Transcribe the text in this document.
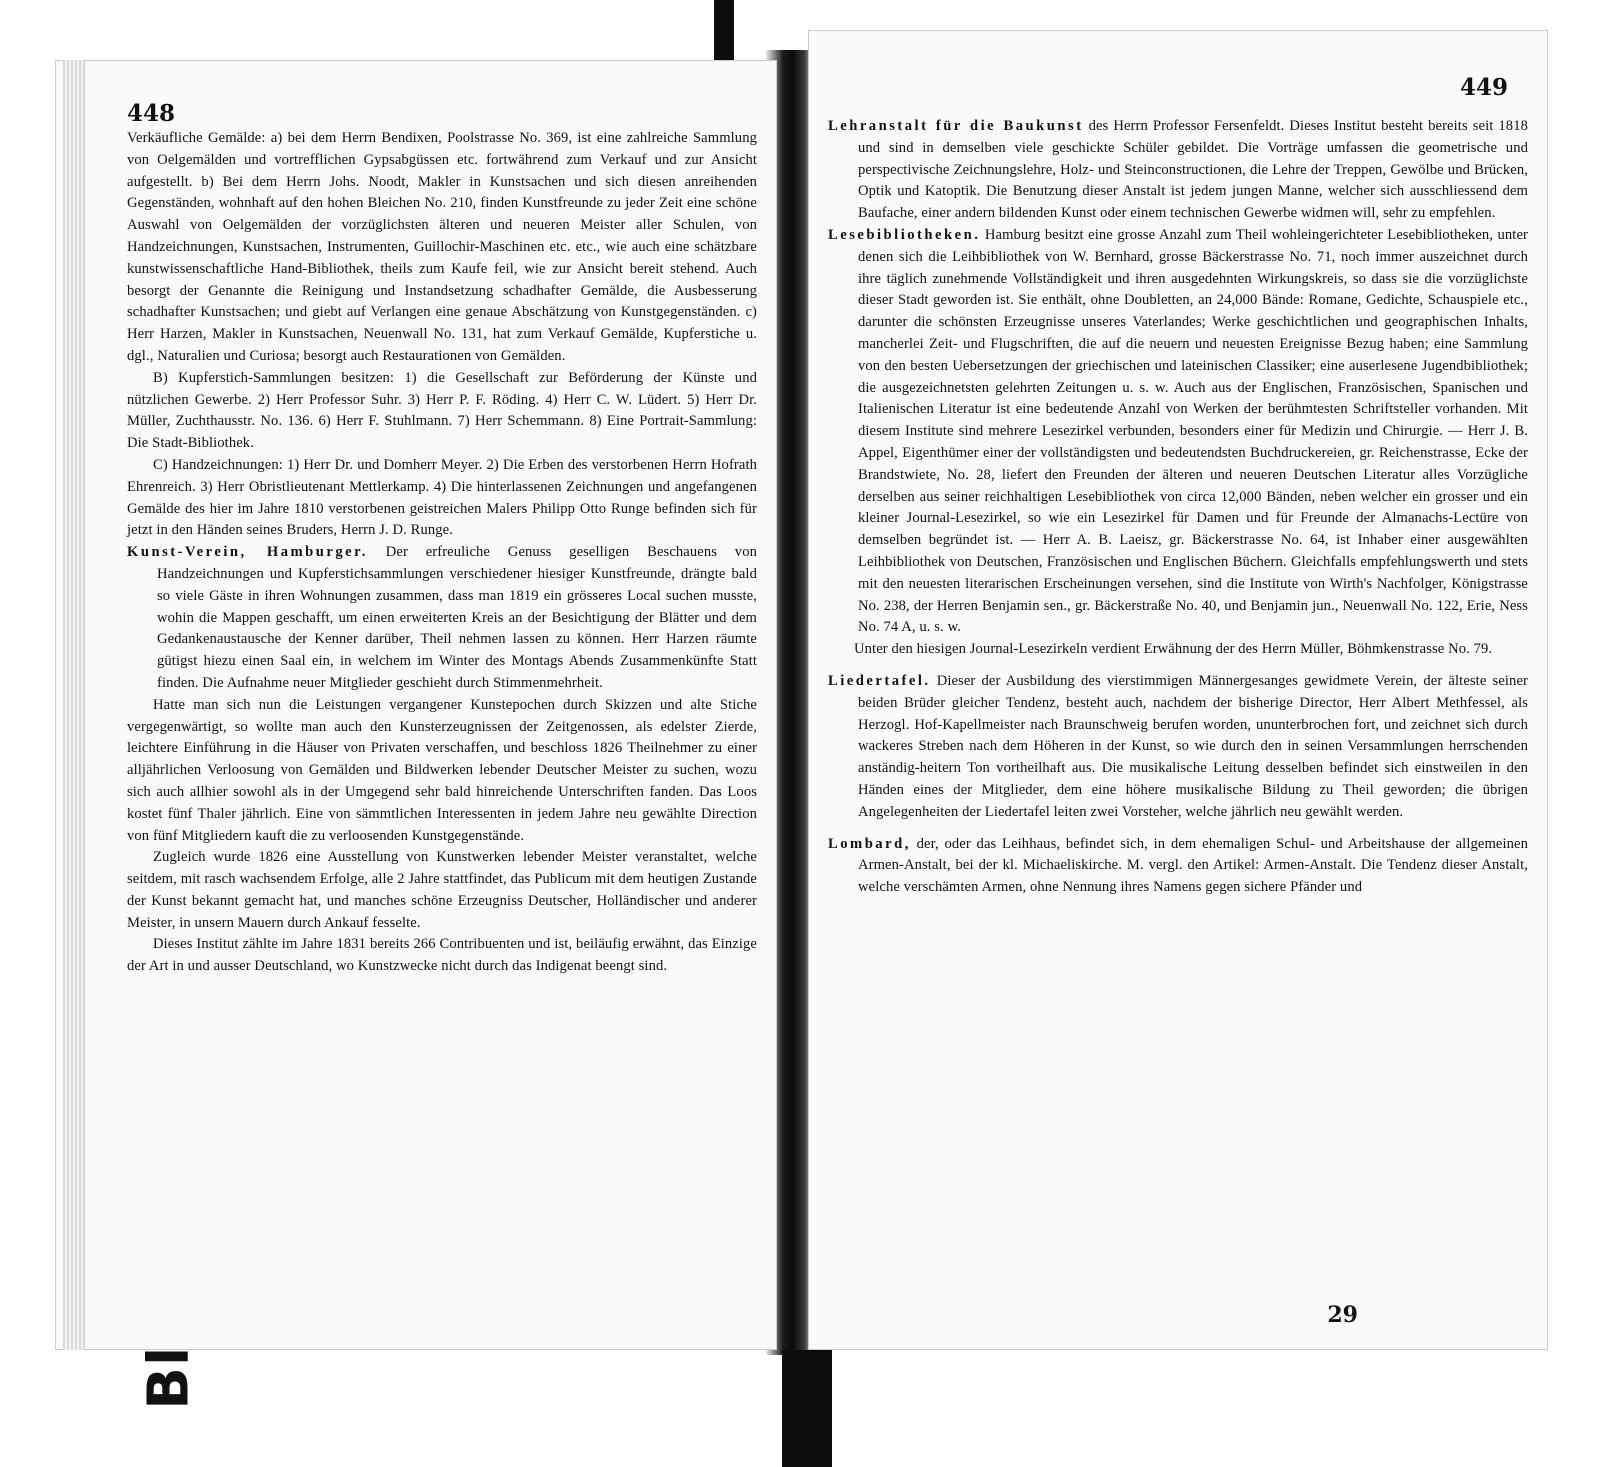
448

Verkäufliche Gemälde: a) bei dem Herrn Bendixen, Poolstrasse No. 369, ist eine zahlreiche Sammlung von Oelgemälden und vortrefflichen Gypsabgüssen etc. fortwährend zum Verkauf und zur Ansicht aufgestellt. b) Bei dem Herrn Johs. Noodt, Makler in Kunstsachen und sich diesen anreihenden Gegenständen, wohnhaft auf den hohen Bleichen No. 210, finden Kunstfreunde zu jeder Zeit eine schöne Auswahl von Oelgemälden der vorzüglichsten älteren und neueren Meister aller Schulen, von Handzeichnungen, Kunstsachen, Instrumenten, Guillochir-Maschinen etc. etc., wie auch eine schätzbare kunstwissenschaftliche Hand-Bibliothek, theils zum Kaufe feil, wie zur Ansicht bereit stehend. Auch besorgt der Genannte die Reinigung und Instandsetzung schadhafter Gemälde, die Ausbesserung schadhafter Kunstsachen; und giebt auf Verlangen eine genaue Abschätzung von Kunstgegenständen. c) Herr Harzen, Makler in Kunstsachen, Neuenwall No. 131, hat zum Verkauf Gemälde, Kupferstiche u. dgl., Naturalien und Curiosa; besorgt auch Restaurationen von Gemälden.

B) Kupferstich-Sammlungen besitzen: 1) die Gesellschaft zur Beförderung der Künste und nützlichen Gewerbe. 2) Herr Professor Suhr. 3) Herr P. F. Röding. 4) Herr C. W. Lüdert. 5) Herr Dr. Müller, Zuchthausstr. No. 136. 6) Herr F. Stuhlmann. 7) Herr Schemmann. 8) Eine Portrait-Sammlung: Die Stadt-Bibliothek.

C) Handzeichnungen: 1) Herr Dr. und Domherr Meyer. 2) Die Erben des verstorbenen Herrn Hofrath Ehrenreich. 3) Herr Obristlieutenant Mettlerkamp. 4) Die hinterlassenen Zeichnungen und angefangenen Gemälde des hier im Jahre 1810 verstorbenen geistreichen Malers Philipp Otto Runge befinden sich für jetzt in den Händen seines Bruders, Herrn J. D. Runge.

Kunst-Verein, Hamburger. Der erfreuliche Genuss geselligen Beschauens von Handzeichnungen und Kupferstichsammlungen verschiedener hiesiger Kunstfreunde, drängte bald so viele Gäste in ihren Wohnungen zusammen, dass man 1819 ein grösseres Local suchen musste, wohin die Mappen geschafft, um einen erweiterten Kreis an der Besichtigung der Blätter und dem Gedankenaustausche der Kenner darüber, Theil nehmen lassen zu können. Herr Harzen räumte gütigst hiezu einen Saal ein, in welchem im Winter des Montags Abends Zusammenkünfte Statt finden. Die Aufnahme neuer Mitglieder geschieht durch Stimmenmehrheit.

Hatte man sich nun die Leistungen vergangener Kunstepochen durch Skizzen und alte Stiche vergegenwärtigt, so wollte man auch den Kunsterzeugnissen der Zeitgenossen, als edelster Zierde, leichtere Einführung in die Häuser von Privaten verschaffen, und beschloss 1826 Theilnehmer zu einer alljährlichen Verloosung von Gemälden und Bildwerken lebender Deutscher Meister zu suchen, wozu sich auch allhier sowohl als in der Umgegend sehr bald hinreichende Unterschriften fanden. Das Loos kostet fünf Thaler jährlich. Eine von sämmtlichen Interessenten in jedem Jahre neu gewählte Direction von fünf Mitgliedern kauft die zu verloosenden Kunstgegenstände.

Zugleich wurde 1826 eine Ausstellung von Kunstwerken lebender Meister veranstaltet, welche seitdem, mit rasch wachsendem Erfolge, alle 2 Jahre stattfindet, das Publicum mit dem heutigen Zustande der Kunst bekannt gemacht hat, und manches schöne Erzeugniss Deutscher, Holländischer und anderer Meister, in unsern Mauern durch Ankauf fesselte.

Dieses Institut zählte im Jahre 1831 bereits 266 Contribuenten und ist, beiläufig erwähnt, das Einzige der Art in und ausser Deutschland, wo Kunstzwecke nicht durch das Indigenat beengt sind.

449

Lehranstalt für die Baukunst des Herrn Professor Fersenfeldt. Dieses Institut besteht bereits seit 1818 und sind in demselben viele geschickte Schüler gebildet. Die Vorträge umfassen die geometrische und perspectivische Zeichnungslehre, Holz- und Steinconstructionen, die Lehre der Treppen, Gewölbe und Brücken, Optik und Katoptik. Die Benutzung dieser Anstalt ist jedem jungen Manne, welcher sich ausschliessend dem Baufache, einer andern bildenden Kunst oder einem technischen Gewerbe widmen will, sehr zu empfehlen.

Lesebibliotheken. Hamburg besitzt eine grosse Anzahl zum Theil wohleingerichteter Lesebibliotheken, unter denen sich die Leihbibliothek von W. Bernhard, grosse Bäckerstrasse No. 71, noch immer auszeichnet durch ihre täglich zunehmende Vollständigkeit und ihren ausgedehnten Wirkungskreis, so dass sie die vorzüglichste dieser Stadt geworden ist. Sie enthält, ohne Doubletten, an 24,000 Bände: Romane, Gedichte, Schauspiele etc., darunter die schönsten Erzeugnisse unseres Vaterlandes; Werke geschichtlichen und geographischen Inhalts, mancherlei Zeit- und Flugschriften, die auf die neuern und neuesten Ereignisse Bezug haben; eine Sammlung von den besten Uebersetzungen der griechischen und lateinischen Classiker; eine auserlesene Jugendbibliothek; die ausgezeichnetsten gelehrten Zeitungen u. s. w. Auch aus der Englischen, Französischen, Spanischen und Italienischen Literatur ist eine bedeutende Anzahl von Werken der berühmtesten Schriftsteller vorhanden. Mit diesem Institute sind mehrere Lesezirkel verbunden, besonders einer für Medizin und Chirurgie. — Herr J. B. Appel, Eigenthümer einer der vollständigsten und bedeutendsten Buchdruckereien, gr. Reichenstrasse, Ecke der Brandstwiete, No. 28, liefert den Freunden der älteren und neueren Deutschen Literatur alles Vorzügliche derselben aus seiner reichhaltigen Lesebibliothek von circa 12,000 Bänden, neben welcher ein grosser und ein kleiner Journal-Lesezirkel, so wie ein Lesezirkel für Damen und für Freunde der Almanachs-Lectüre von demselben begründet ist. — Herr A. B. Laeisz, gr. Bäckerstrasse No. 64, ist Inhaber einer ausgewählten Leihbibliothek von Deutschen, Französischen und Englischen Büchern. Gleichfalls empfehlungswerth und stets mit den neuesten literarischen Erscheinungen versehen, sind die Institute von Wirth's Nachfolger, Königstrasse No. 238, der Herren Benjamin sen., gr. Bäckerstraße No. 40, und Benjamin jun., Neuenwall No. 122, Erie, Ness No. 74 A, u. s. w.

Unter den hiesigen Journal-Lesezirkeln verdient Erwähnung der des Herrn Müller, Böhmkenstrasse No. 79.

Liedertafel. Dieser der Ausbildung des vierstimmigen Männergesanges gewidmete Verein, der älteste seiner beiden Brüder gleicher Tendenz, besteht auch, nachdem der bisherige Director, Herr Albert Methfessel, als Herzogl. Hof-Kapellmeister nach Braunschweig berufen worden, ununterbrochen fort, und zeichnet sich durch wackeres Streben nach dem Höheren in der Kunst, so wie durch den in seinen Versammlungen herrschenden anständig-heitern Ton vortheilhaft aus. Die musikalische Leitung desselben befindet sich einstweilen in den Händen eines der Mitglieder, dem eine höhere musikalische Bildung zu Theil geworden; die übrigen Angelegenheiten der Liedertafel leiten zwei Vorsteher, welche jährlich neu gewählt werden.

Lombard, der, oder das Leihhaus, befindet sich, in dem ehemaligen Schul- und Arbeitshause der allgemeinen Armen-Anstalt, bei der kl. Michaeliskirche. M. vergl. den Artikel: Armen-Anstalt. Die Tendenz dieser Anstalt, welche verschämten Armen, ohne Nennung ihres Namens gegen sichere Pfänder und

29
